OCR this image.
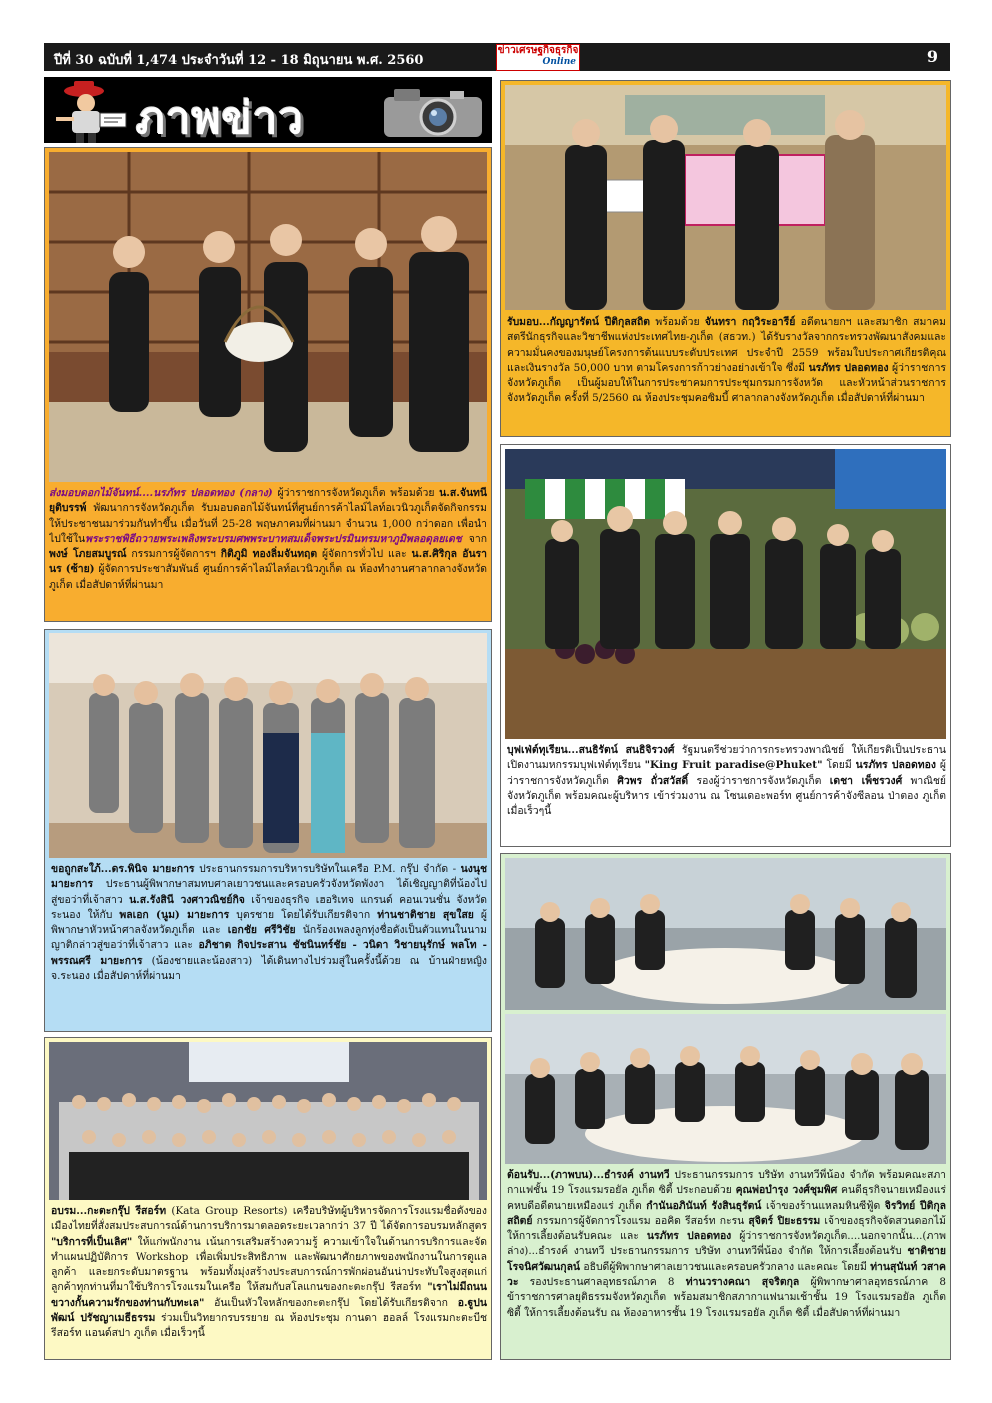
ปีที่ 30 ฉบับที่ 1,474 ประจำวันที่ 12 - 18 มิถุนายน พ.ศ. 2560
ข่าวเศรษฐกิจธุรกิจ
Online	9
ภาพข่าว
ส่งมอบดอกไม้จันทน์....นรภัทร ปลอดทอง (กลาง) ผู้ว่าราชการจังหวัดภูเก็ต พร้อมด้วย น.ส.จันทนี ยุติบรรพ์ พัฒนาการจังหวัดภูเก็ต รับมอบดอกไม้จันทน์ที่ศูนย์การค้าไลม์ไลท์อเวนิวภูเก็ตจัดกิจกรรมให้ประชาชนมาร่วมกันทำขึ้น เมื่อวันที่ 25-28 พฤษภาคมที่ผ่านมา จำนวน 1,000 กว่าดอก เพื่อนำไปใช้ในพระราชพิธีถวายพระเพลิงพระบรมศพพระบาทสมเด็จพระปรมินทรมหาภูมิพลอดุลยเดช จาก พงษ์ โภยสมบูรณ์ กรรมการผู้จัดการฯ กิติภูมิ ทองลิ่มจันทฤต ผู้จัดการทั่วไป และ น.ส.ศิริกุล อันรานร (ซ้าย) ผู้จัดการประชาสัมพันธ์ ศูนย์การค้าไลม์ไลท์อเวนิวภูเก็ต ณ ห้องทำงานศาลากลางจังหวัดภูเก็ต เมื่อสัปดาห์ที่ผ่านมา
รับมอบ...กัญญารัตน์ ปีติกุลสถิต พร้อมด้วย จันทรา กฤวิระอารีย์ อดีตนายกฯ และสมาชิก สมาคมสตรีนักธุรกิจและวิชาชีพแห่งประเทศไทย-ภูเก็ต (สธวท.) ได้รับรางวัลจากกระทรวงพัฒนาสังคมและความมั่นคงของมนุษย์โครงการต้นแบบระดับประเทศ ประจำปี 2559 พร้อมใบประกาศเกียรติคุณและเงินรางวัล 50,000 บาท ตามโครงการก้าวย่างอย่างเข้าใจ ซึ่งมี นรภัทร ปลอดทอง ผู้ว่าราชการจังหวัดภูเก็ต เป็นผู้มอบให้ในการประชาคมการประชุมกรมการจังหวัด และหัวหน้าส่วนราชการจังหวัดภูเก็ต ครั้งที่ 5/2560 ณ ห้องประชุมคอซิมบี้ ศาลากลางจังหวัดภูเก็ต เมื่อสัปดาห์ที่ผ่านมา
ขอถูกสะใภ้...ดร.พินิจ มายะการ ประธานกรรมการบริหารบริษัทในเครือ P.M. กรุ๊ป จำกัด - นงนุช มายะการ ประธานผู้พิพากษาสมทบศาลเยาวชนและครอบครัวจังหวัดพังงา ได้เชิญญาติที่น้องไปสู่ขอว่าที่เจ้าสาว น.ส.รังสินี วงศาวณิชย์กิจ เจ้าของธุรกิจ เฮอริเทจ แกรนด์ คอนเวนชั่น จังหวัดระนอง ให้กับ พลเอก (นูม) มายะการ บุตรชาย โดยได้รับเกียรติจาก ท่านชาติชาย สุขใสย ผู้พิพากษาหัวหน้าศาลจังหวัดภูเก็ต และ เอกชัย ศรีวิชัย นักร้องเพลงลูกทุ่งชื่อดังเป็นตัวแทนในนามญาติกล่าวสู่ขอว่าที่เจ้าสาว และ อภิชาต กิจประสาน ชัชนินทร์ชัย - วนิดา วิชายนุรักษ์ พลโท - พรรณศรี มายะการ (น้องชายและน้องสาว) ได้เดินทางไปร่วมสู่ในครั้งนี้ด้วย ณ บ้านฝ่ายหญิง จ.ระนอง เมื่อสัปดาห์ที่ผ่านมา
บุฟเฟ่ต์ทุเรียน...สนธิรัตน์ สนธิจิรวงศ์ รัฐมนตรีช่วยว่าการกระทรวงพาณิชย์ ให้เกียรติเป็นประธานเปิดงานมหกรรมบุฟเฟ่ต์ทุเรียน "King Fruit paradise@Phuket" โดยมี นรภัทร ปลอดทอง ผู้ว่าราชการจังหวัดภูเก็ต ศิวพร ถั่วสวัสดิ์ รองผู้ว่าราชการจังหวัดภูเก็ต เดชา เพ็ชรวงศ์ พาณิชย์จังหวัดภูเก็ต พร้อมคณะผู้บริหาร เข้าร่วมงาน ณ โซนเดอะพอร์ท ศูนย์การค้าจังซีลอน ป่าตอง ภูเก็ต เมื่อเร็วๆนี้
อบรม...กะตะกรุ๊ป รีสอร์ท (Kata Group Resorts) เครือบริษัทผู้บริหารจัดการโรงแรมชื่อดังของเมืองไทยที่สั่งสมประสบการณ์ด้านการบริการมาตลอดระยะเวลากว่า 37 ปี ได้จัดการอบรมหลักสูตร "บริการที่เป็นเลิศ" ให้แก่พนักงาน เน้นการเสริมสร้างความรู้ ความเข้าใจในด้านการบริการและจัดทำแผนปฏิบัติการ Workshop เพื่อเพิ่มประสิทธิภาพ และพัฒนาศักยภาพของพนักงานในการดูแลลูกค้า และยกระดับมาตรฐาน พร้อมทั้งมุ่งสร้างประสบการณ์การพักผ่อนอันน่าประทับใจสูงสุดแก่ลูกค้าทุกท่านที่มาใช้บริการโรงแรมในเครือ ให้สมกับสโลแกนของกะตะกรุ๊ป รีสอร์ท "เราไม่มีถนน ขวางกั้นความรักของท่านกับทะเล" อันเป็นหัวใจหลักของกะตะกรุ๊ป โดยได้รับเกียรติจาก อ.ฐูปนพัฒน์ ปรัชญาเมธีธรรม ร่วมเป็นวิทยากรบรรยาย ณ ห้องประชุม กานดา ฮอลล์ โรงแรมกะตะบีช รีสอร์ท แอนด์สปา ภูเก็ต เมื่อเร็วๆนี้
ต้อนรับ...(ภาพบน)...ธำรงค์ งานทวี ประธานกรรมการ บริษัท งานทวีพี่น้อง จำกัด พร้อมคณะสภากาแฟชั้น 19 โรงแรมรอยัล ภูเก็ต ซิตี้ ประกอบด้วย คุณพ่อบำรุง วงศ์ชุมพิศ คนดีธุรกิจนายเหมืองแร่คหบดีอดีตนายเหมืองแร่ ภูเก็ต กำนันอภินันท์ รังสินธุรัตน์ เจ้าของร้านแหลมหินซีฟู้ด จิรวิทย์ ปีติกุลสถิตย์ กรรมการผู้จัดการโรงแรม ออคิด รีสอร์ท กะรน สุจิตร์ ปิยะธรรม เจ้าของธุรกิจจัดสวนดอกไม้ ให้การเลี้ยงต้อนรับคณะ และ นรภัทร ปลอดทอง ผู้ว่าราชการจังหวัดภูเก็ต....นอกจากนั้น...(ภาพล่าง)...ธำรงค์ งานทวี ประธานกรรมการ บริษัท งานทวีพี่น้อง จำกัด ให้การเลี้ยงต้อนรับ ชาติชาย โรจนิศวัฒนกุลน์ อธิบดีผู้พิพากษาศาลเยาวชนและครอบครัวกลาง และคณะ โดยมี ท่านสุนันท์ วสาควะ รองประธานศาลอุทธรณ์ภาค 8 ท่านวรางคณา สุจริตกุล ผู้พิพากษาศาลอุทธรณ์ภาค 8 ข้าราชการศาลยุติธรรมจังหวัดภูเก็ต พร้อมสมาชิกสภากาแฟนามเช้าชั้น 19 โรงแรมรอยัล ภูเก็ต ซิตี้ ให้การเลี้ยงต้อนรับ ณ ห้องอาหารชั้น 19 โรงแรมรอยัล ภูเก็ต ซิตี้ เมื่อสัปดาห์ที่ผ่านมา
